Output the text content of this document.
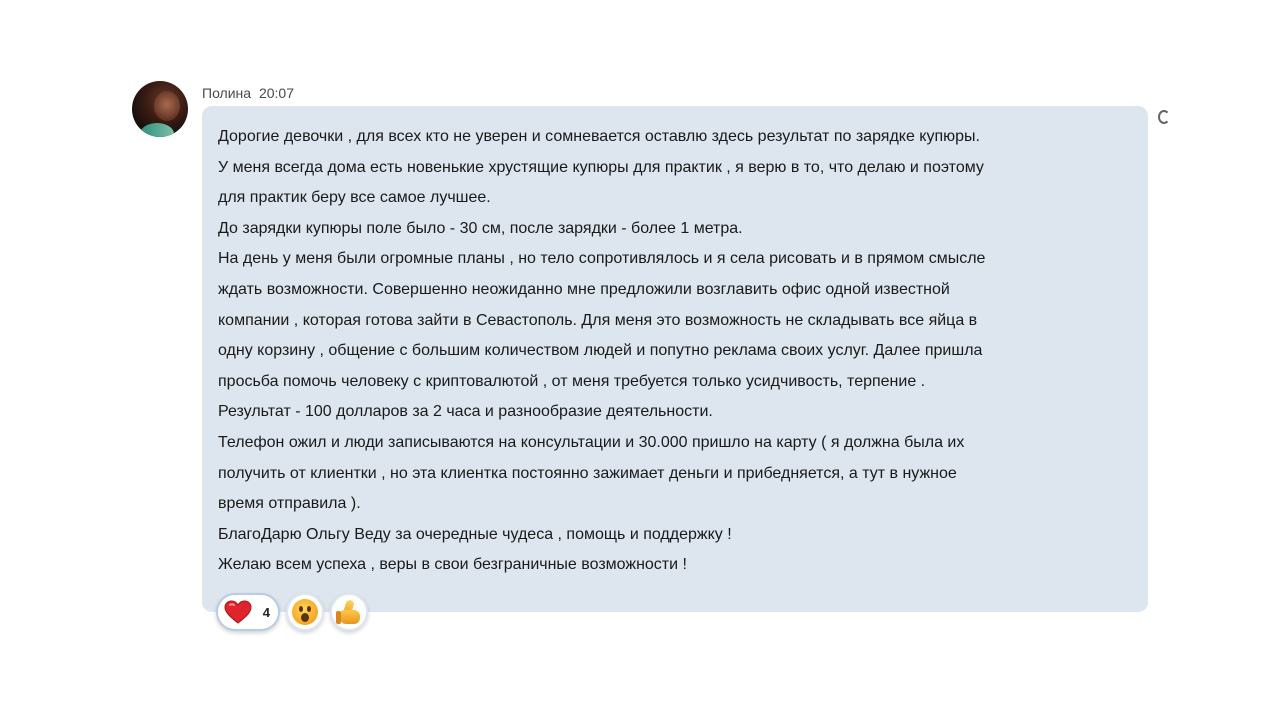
Полина 20:07
Дорогие девочки , для всех кто не уверен и сомневается оставлю здесь результат по зарядке купюры.
У меня всегда дома есть новенькие хрустящие купюры для практик , я верю в то, что делаю и поэтому
для практик беру все самое лучшее.
До зарядки купюры поле было - 30 см, после зарядки - более 1 метра.
На день у меня были огромные планы , но тело сопротивлялось и я села рисовать и в прямом смысле
ждать возможности. Совершенно неожиданно мне предложили возглавить офис одной известной
компании , которая готова зайти в Севастополь. Для меня это возможность не складывать все яйца в
одну корзину , общение с большим количеством людей и попутно реклама своих услуг. Далее пришла
просьба помочь человеку с криптовалютой , от меня требуется только усидчивость, терпение .
Результат - 100 долларов за 2 часа и разнообразие деятельности.
Телефон ожил и люди записываются на консультации и 30.000 пришло на карту ( я должна была их
получить от клиентки , но эта клиентка постоянно зажимает деньги и прибедняется, а тут в нужное
время отправила ).
БлагоДарю Ольгу Веду за очередные чудеса , помощь и поддержку !
Желаю всем успеха , веры в свои безграничные возможности !
4
